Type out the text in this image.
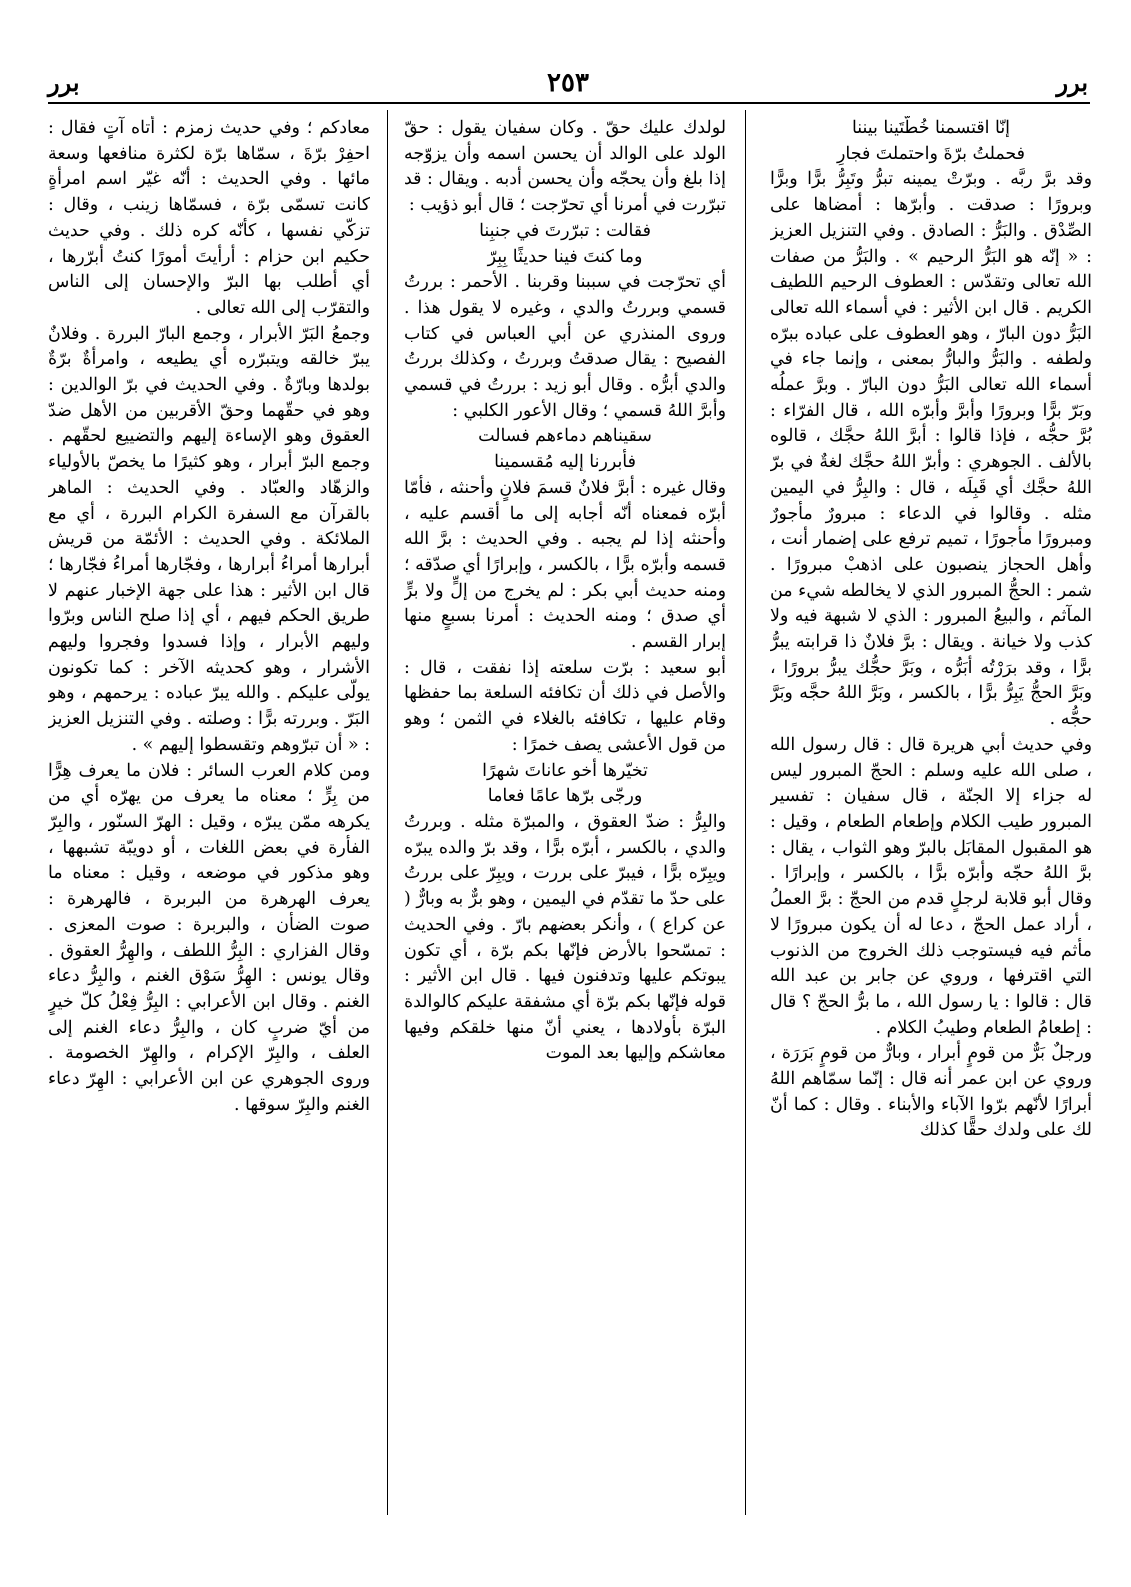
برر
٢٥٣
برر

إنّا اقتسمنا خُطّتَينا بيننا

فحملتُ برّةَ واحتملتَ فجارِ

وقد برَّ ربَّه . وبرّتْ يمينه تبرُّ وتَبِرُّ برًّا وبرًّا وبرورًا : صدقت . وأبرّها : أمضاها على الصِّدْق . والبَرُّ : الصادق . وفي التنزيل العزيز : « إنّه هو البَرُّ الرحيم » . والبَرُّ من صفات الله تعالى وتقدّس : العطوف الرحيم اللطيف الكريم . قال ابن الأثير : في أسماء الله تعالى البَرُّ دون البارّ ، وهو العطوف على عباده ببرّه ولطفه . والبَرُّ والبارُّ بمعنى ، وإنما جاء في أسماء الله تعالى البَرُّ دون البارّ . وبرَّ عملُه وبَرّ برًّا وبرورًا وأبرَّ وأبرّه الله ، قال الفرّاء : بُرَّ حجُّه ، فإذا قالوا : أبرَّ اللهُ حجَّك ، قالوه بالألف . الجوهري : وأبرّ اللهُ حجَّك لغةٌ في برّ اللهُ حجَّك أي قَبِلَه ، قال : والبِرُّ في اليمين مثله . وقالوا في الدعاء : مبرورٌ مأجورٌ ومبرورًا مأجورًا ، تميم ترفع على إضمار أنت ، وأهل الحجاز ينصبون على اذهبْ مبرورًا . شمر : الحجُّ المبرور الذي لا يخالطه شيء من المآثم ، والبيعُ المبرور : الذي لا شبهة فيه ولا كذب ولا خيانة . ويقال : برَّ فلانٌ ذا قرابته يبرُّ برًّا ، وقد برَرْتُه أبَرُّه ، وبَرَّ حجُّك يبرُّ برورًا ، وبَرَّ الحجُّ يَبِرُّ برًّا ، بالكسر ، وبَرَّ اللهُ حجَّه وبَرَّ حجُّه .

وفي حديث أبي هريرة قال : قال رسول الله ، صلى الله عليه وسلم : الحجّ المبرور ليس له جزاء إلا الجنّة ، قال سفيان : تفسير المبرور طيب الكلام وإطعام الطعام ، وقيل : هو المقبول المقابَل بالبرّ وهو الثواب ، يقال : برَّ اللهُ حجّه وأبرّه برًّا ، بالكسر ، وإبرارًا . وقال أبو قلابة لرجلٍ قدم من الحجّ : برَّ العملُ ، أراد عمل الحجّ ، دعا له أن يكون مبرورًا لا مأثم فيه فيستوجب ذلك الخروج من الذنوب التي اقترفها ، وروي عن جابر بن عبد الله قال : قالوا : يا رسول الله ، ما برُّ الحجّ ؟ قال : إطعامُ الطعام وطيبُ الكلام .

ورجلٌ بَرٌّ من قومٍ أبرار ، وبارٌّ من قومٍ بَرَرَة ، وروي عن ابن عمر أنه قال : إنّما سمّاهم اللهُ أبرارًا لأنّهم برّوا الآباء والأبناء . وقال : كما أنّ لك على ولدك حقًّا كذلك

لولدك عليك حقّ . وكان سفيان يقول : حقّ الولد على الوالد أن يحسن اسمه وأن يزوّجه إذا بلغ وأن يحجّه وأن يحسن أدبه . ويقال : قد تبرّرت في أمرنا أي تحرّجت ؛ قال أبو ذؤيب :

فقالت : تبرّرتَ في جنبِنا

وما كنتَ فينا حديثًا بِبِرّ

أي تحرّجت في سببنا وقربنا . الأحمر : بررتُ قسمي وبررتُ والدي ، وغيره لا يقول هذا . وروى المنذري عن أبي العباس في كتاب الفصيح : يقال صدقتُ وبررتُ ، وكذلك بررتُ والدي أبرُّه . وقال أبو زيد : بررتُ في قسمي وأبرَّ اللهُ قسمي ؛ وقال الأعور الكلبي :

سقيناهم دماءهم فسالت

فأبررنا إليه مُقسمينا

وقال غيره : أبرَّ فلانٌ قسمَ فلانٍ وأحنثه ، فأمّا أبرّه فمعناه أنّه أجابه إلى ما أقسم عليه ، وأحنثه إذا لم يجبه . وفي الحديث : برَّ الله قسمه وأبرّه برًّا ، بالكسر ، وإبرارًا أي صدّقه ؛ ومنه حديث أبي بكر : لم يخرج من إلٍّ ولا برٍّ أي صدق ؛ ومنه الحديث : أمرنا بسبعٍ منها إبرار القسم .

أبو سعيد : برّت سلعته إذا نفقت ، قال : والأصل في ذلك أن تكافئه السلعة بما حفظها وقام عليها ، تكافئه بالغلاء في الثمن ؛ وهو من قول الأعشى يصف خمرًا :

تخيّرها أخو عاناتَ شهرًا

ورجّى برّها عامًا فعاما

والبِرُّ : ضدّ العقوق ، والمبرّة مثله . وبررتُ والدي ، بالكسر ، أبرّه برًّا ، وقد برّ والده يبرّه ويبِرّه برًّا ، فيبرّ على بررت ، ويبِرّ على بررتُ على حدّ ما تقدّم في اليمين ، وهو برٌّ به وبارٌّ ( عن كراع ) ، وأنكر بعضهم بارّ . وفي الحديث : تمسّحوا بالأرض فإنّها بكم برّة ، أي تكون يبوتكم عليها وتدفنون فيها . قال ابن الأثير : قوله فإنّها بكم برّة أي مشفقة عليكم كالوالدة البرّة بأولادها ، يعني أنّ منها خلقكم وفيها معاشكم وإليها بعد الموت

معادكم ؛ وفي حديث زمزم : أتاه آتٍ فقال : احفِرْ برّةَ ، سمّاها برّة لكثرة منافعها وسعة مائها . وفي الحديث : أنّه غيّر اسم امرأةٍ كانت تسمّى برّة ، فسمّاها زينب ، وقال : تزكّي نفسها ، كأنّه كره ذلك . وفي حديث حكيم ابن حزام : أرأيتَ أمورًا كنتُ أبرّرها ، أي أطلب بها البرّ والإحسان إلى الناس والتقرّب إلى الله تعالى .

وجمعُ البَرّ الأبرار ، وجمع البارّ البررة . وفلانٌ يبرّ خالقه ويتبرّره أي يطيعه ، وامرأةٌ برّةٌ بولدها وبارّةٌ . وفي الحديث في برّ الوالدين : وهو في حقّهما وحقّ الأقربين من الأهل ضدّ العقوق وهو الإساءة إليهم والتضييع لحقّهم . وجمع البرّ أبرار ، وهو كثيرًا ما يخصّ بالأولياء والزهّاد والعبّاد . وفي الحديث : الماهر بالقرآن مع السفرة الكرام البررة ، أي مع الملائكة . وفي الحديث : الأئمّة من قريش أبرارها أمراءُ أبرارها ، وفجّارها أمراءُ فجّارها ؛ قال ابن الأثير : هذا على جهة الإخبار عنهم لا طريق الحكم فيهم ، أي إذا صلح الناس وبرّوا وليهم الأبرار ، وإذا فسدوا وفجروا وليهم الأشرار ، وهو كحديثه الآخر : كما تكونون يولّى عليكم . والله يبرّ عباده : يرحمهم ، وهو البَرّ . وبررته برًّا : وصلته . وفي التنزيل العزيز : « أن تبرّوهم وتقسطوا إليهم » .

ومن كلام العرب السائر : فلان ما يعرف هِرًّا من بِرٍّ ؛ معناه ما يعرف من يهرّه أي من يكرهه ممّن يبرّه ، وقيل : الهرّ السنّور ، والبِرّ الفأرة في بعض اللغات ، أو دويبّة تشبهها ، وهو مذكور في موضعه ، وقيل : معناه ما يعرف الهرهرة من البربرة ، فالهرهرة : صوت الضأن ، والبربرة : صوت المعزى . وقال الفزاري : البِرُّ اللطف ، والهِرُّ العقوق . وقال يونس : الهِرُّ سَوْق الغنم ، والبِرُّ دعاء الغنم . وقال ابن الأعرابي : البِرُّ فِعْلُ كلّ خيرٍ من أيّ ضربٍ كان ، والبِرُّ دعاء الغنم إلى العلف ، والبِرّ الإكرام ، والهِرّ الخصومة . وروى الجوهري عن ابن الأعرابي : الهِرّ دعاء الغنم والبِرّ سوقها .
